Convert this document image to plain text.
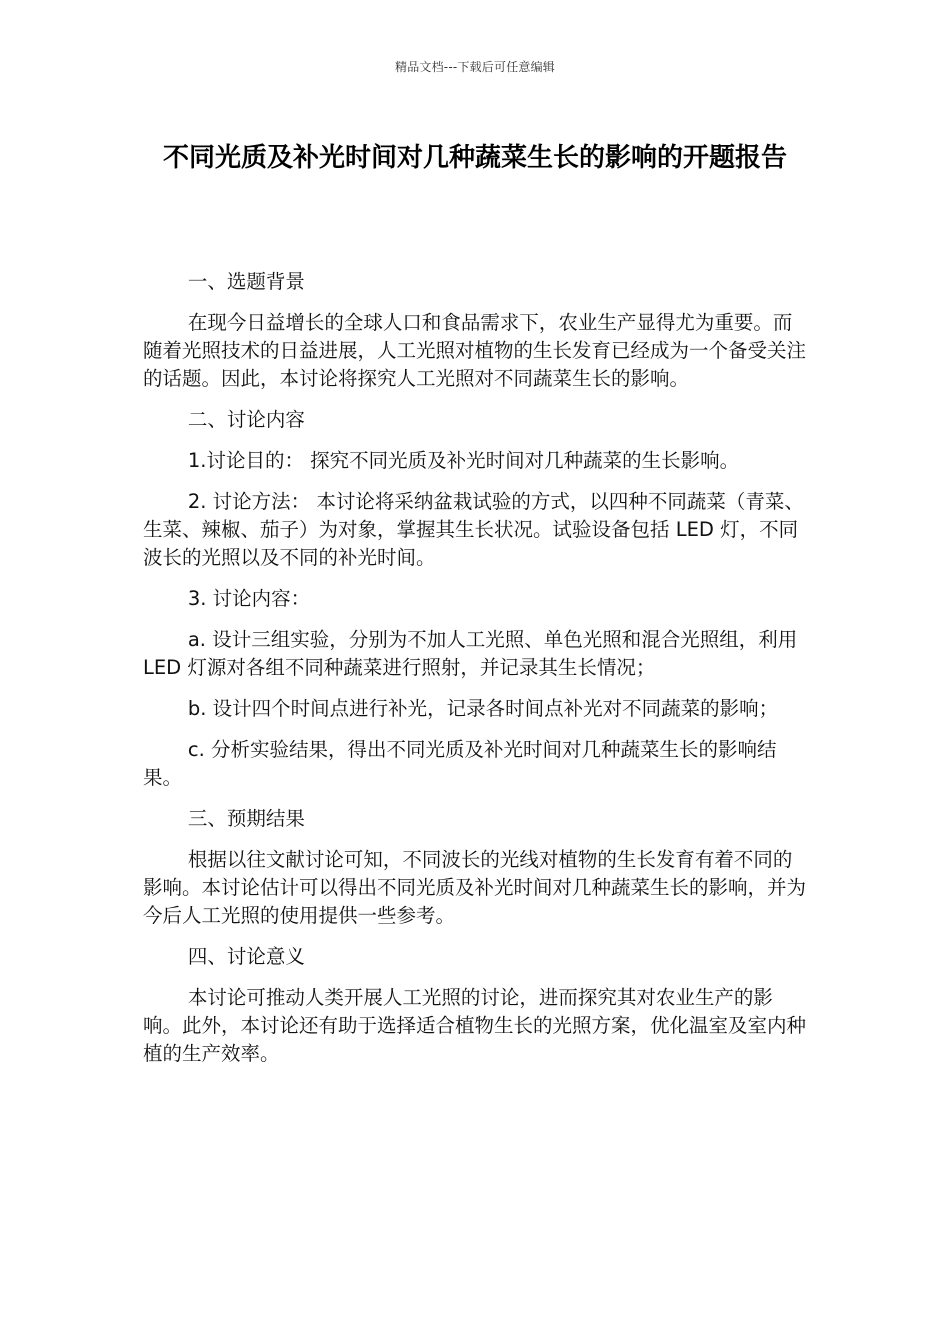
精品文档---下载后可任意编辑
不同光质及补光时间对几种蔬菜生长的影响的开题报告

一、选题背景

在现今日益增长的全球人口和食品需求下，农业生产显得尤为重要。而随着光照技术的日益进展，人工光照对植物的生长发育已经成为一个备受关注的话题。因此，本讨论将探究人工光照对不同蔬菜生长的影响。

二、讨论内容

1.讨论目的： 探究不同光质及补光时间对几种蔬菜的生长影响。

2. 讨论方法： 本讨论将采纳盆栽试验的方式，以四种不同蔬菜（青菜、生菜、辣椒、茄子）为对象，掌握其生长状况。试验设备包括 LED 灯，不同波长的光照以及不同的补光时间。

3. 讨论内容：

a. 设计三组实验，分别为不加人工光照、单色光照和混合光照组，利用 LED 灯源对各组不同种蔬菜进行照射，并记录其生长情况；

b. 设计四个时间点进行补光，记录各时间点补光对不同蔬菜的影响；

c. 分析实验结果，得出不同光质及补光时间对几种蔬菜生长的影响结果。

三、预期结果

根据以往文献讨论可知，不同波长的光线对植物的生长发育有着不同的影响。本讨论估计可以得出不同光质及补光时间对几种蔬菜生长的影响，并为今后人工光照的使用提供一些参考。

四、讨论意义

本讨论可推动人类开展人工光照的讨论，进而探究其对农业生产的影响。此外，本讨论还有助于选择适合植物生长的光照方案，优化温室及室内种植的生产效率。
